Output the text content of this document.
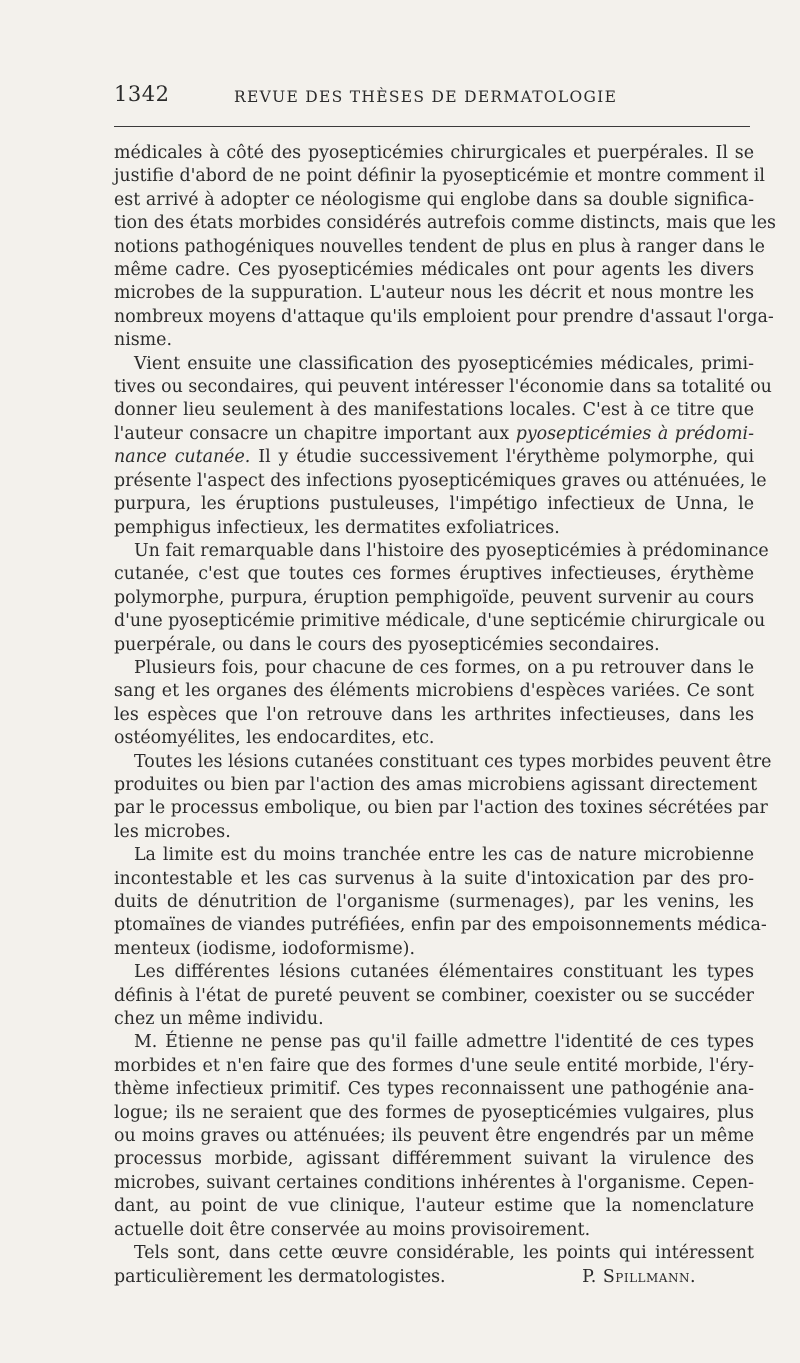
1342	REVUE DES THÈSES DE DERMATOLOGIE
médicales à côté des pyosepticémies chirurgicales et puerpérales. Il se
justifie d'abord de ne point définir la pyosepticémie et montre comment il
est arrivé à adopter ce néologisme qui englobe dans sa double significa-
tion des états morbides considérés autrefois comme distincts, mais que les
notions pathogéniques nouvelles tendent de plus en plus à ranger dans le
même cadre. Ces pyosepticémies médicales ont pour agents les divers
microbes de la suppuration. L'auteur nous les décrit et nous montre les
nombreux moyens d'attaque qu'ils emploient pour prendre d'assaut l'orga-
nisme.
Vient ensuite une classification des pyosepticémies médicales, primi-
tives ou secondaires, qui peuvent intéresser l'économie dans sa totalité ou
donner lieu seulement à des manifestations locales. C'est à ce titre que
l'auteur consacre un chapitre important aux pyosepticémies à prédomi-
nance cutanée. Il y étudie successivement l'érythème polymorphe, qui
présente l'aspect des infections pyosepticémiques graves ou atténuées, le
purpura, les éruptions pustuleuses, l'impétigo infectieux de Unna, le
pemphigus infectieux, les dermatites exfoliatrices.
Un fait remarquable dans l'histoire des pyosepticémies à prédominance
cutanée, c'est que toutes ces formes éruptives infectieuses, érythème
polymorphe, purpura, éruption pemphigoïde, peuvent survenir au cours
d'une pyosepticémie primitive médicale, d'une septicémie chirurgicale ou
puerpérale, ou dans le cours des pyosepticémies secondaires.
Plusieurs fois, pour chacune de ces formes, on a pu retrouver dans le
sang et les organes des éléments microbiens d'espèces variées. Ce sont
les espèces que l'on retrouve dans les arthrites infectieuses, dans les
ostéomyélites, les endocardites, etc.
Toutes les lésions cutanées constituant ces types morbides peuvent être
produites ou bien par l'action des amas microbiens agissant directement
par le processus embolique, ou bien par l'action des toxines sécrétées par
les microbes.
La limite est du moins tranchée entre les cas de nature microbienne
incontestable et les cas survenus à la suite d'intoxication par des pro-
duits de dénutrition de l'organisme (surmenages), par les venins, les
ptomaïnes de viandes putréfiées, enfin par des empoisonnements médica-
menteux (iodisme, iodoformisme).
Les différentes lésions cutanées élémentaires constituant les types
définis à l'état de pureté peuvent se combiner, coexister ou se succéder
chez un même individu.
M. Étienne ne pense pas qu'il faille admettre l'identité de ces types
morbides et n'en faire que des formes d'une seule entité morbide, l'éry-
thème infectieux primitif. Ces types reconnaissent une pathogénie ana-
logue; ils ne seraient que des formes de pyosepticémies vulgaires, plus
ou moins graves ou atténuées; ils peuvent être engendrés par un même
processus morbide, agissant différemment suivant la virulence des
microbes, suivant certaines conditions inhérentes à l'organisme. Cepen-
dant, au point de vue clinique, l'auteur estime que la nomenclature
actuelle doit être conservée au moins provisoirement.
Tels sont, dans cette œuvre considérable, les points qui intéressent
particulièrement les dermatologistes.	P. Spillmann.
